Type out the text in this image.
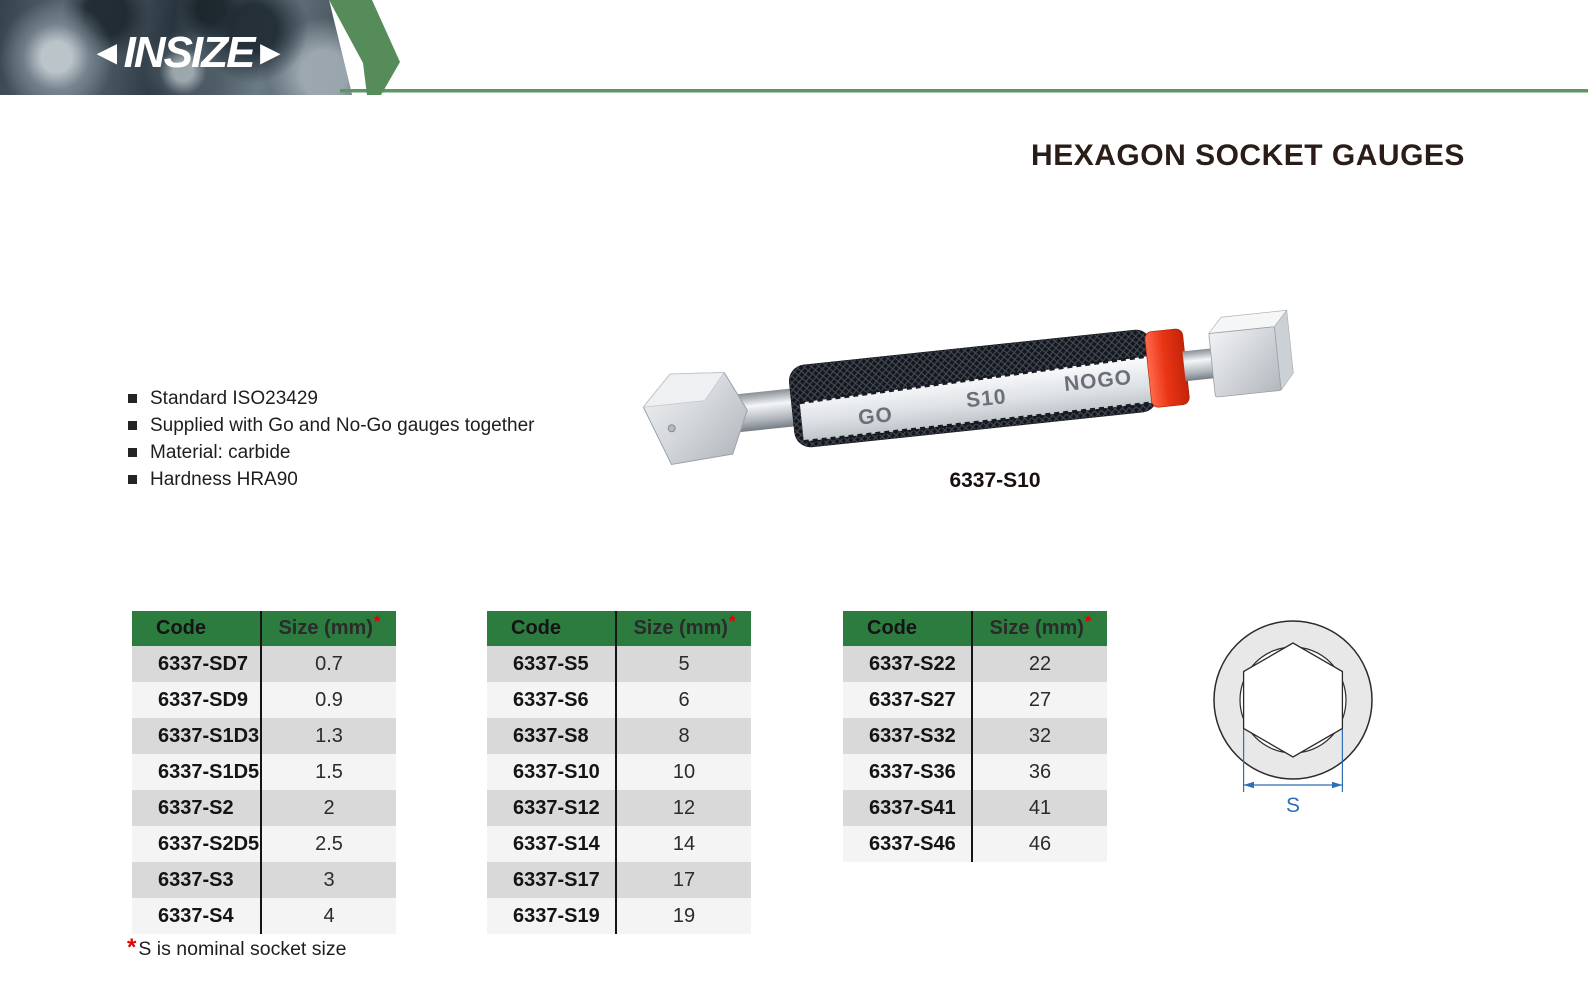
◄INSIZE►
HEXAGON SOCKET GAUGES
Standard ISO23429
Supplied with Go and No-Go gauges together
Material: carbide
Hardness HRA90
GO
S10
NOGO
6337-S10
Code	Size (mm)*
6337-SD7	0.7
6337-SD9	0.9
6337-S1D3	1.3
6337-S1D5	1.5
6337-S2	2
6337-S2D5	2.5
6337-S3	3
6337-S4	4
Code	Size (mm)*
6337-S5	5
6337-S6	6
6337-S8	8
6337-S10	10
6337-S12	12
6337-S14	14
6337-S17	17
6337-S19	19
Code	Size (mm)*
6337-S22	22
6337-S27	27
6337-S32	32
6337-S36	36
6337-S41	41
6337-S46	46
* S is nominal socket size
S
